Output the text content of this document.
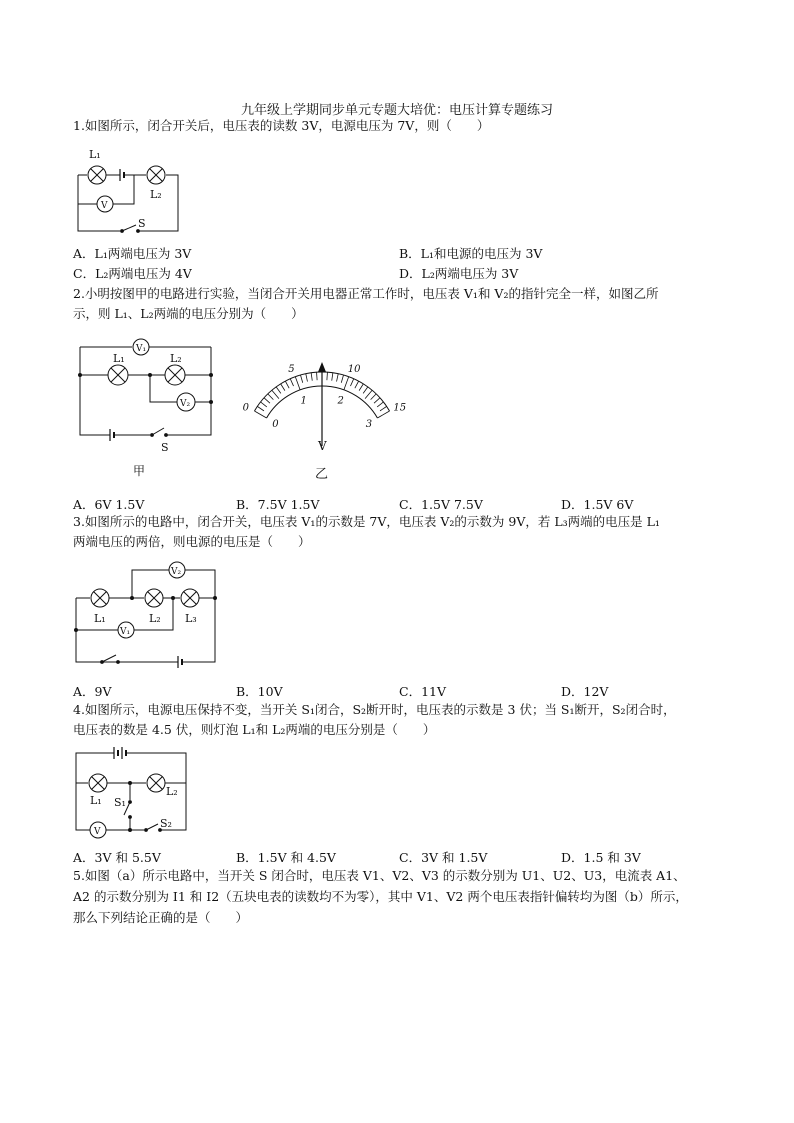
九年级上学期同步单元专题大培优：电压计算专题练习
1.如图所示，闭合开关后，电压表的读数 3V，电源电压为 7V，则（　　）
L₁
L₂
V
S
A．L₁两端电压为 3V	B．L₁和电源的电压为 3V
C．L₂两端电压为 4V	D．L₂两端电压为 3V
2.小明按图甲的电路进行实验，当闭合开关用电器正常工作时，电压表 V₁和 V₂的指针完全一样，如图乙所
示，则 L₁、L₂两端的电压分别为（　　）
V₁
L₁	L₂
V₂
S
甲
0
5	10
15
0
1	2
3
V
乙
A．6V 1.5V	B．7.5V 1.5V	C．1.5V 7.5V	D．1.5V 6V
3.如图所示的电路中，闭合开关，电压表 V₁的示数是 7V，电压表 V₂的示数为 9V，若 L₃两端的电压是 L₁
两端电压的两倍，则电源的电压是（　　）
V₂
L₁	L₂ L₃
V₁
A．9V	B．10V	C．11V	D．12V
4.如图所示，电源电压保持不变，当开关 S₁闭合，S₂断开时，电压表的示数是 3 伏；当 S₁断开，S₂闭合时，
电压表的数是 4.5 伏，则灯泡 L₁和 L₂两端的电压分别是（　　）
L₁
L₂
S₁
S₂
V
A．3V 和 5.5V	B．1.5V 和 4.5V	C．3V 和 1.5V	D．1.5 和 3V
5.如图（a）所示电路中，当开关 S 闭合时，电压表 V1、V2、V3 的示数分别为 U1、U2、U3，电流表 A1、
A2 的示数分别为 I1 和 I2（五块电表的读数均不为零），其中 V1、V2 两个电压表指针偏转均为图（b）所示，
那么下列结论正确的是（　　）
